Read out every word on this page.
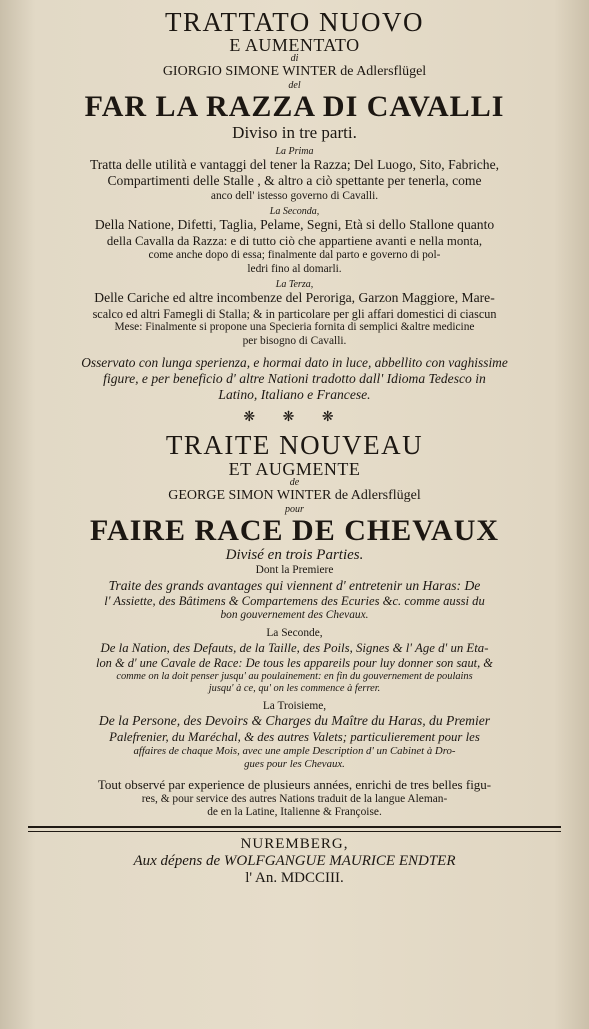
TRATTATO NUOVO
E AUMENTATO
di
GIORGIO SIMONE WINTER de Adlersflügel
del
FAR LA RAZZA DI CAVALLI
Diviso in tre parti.
La Prima
Tratta delle utilità e vantaggi del tener la Razza; Del Luogo, Sito, Fabriche,
Compartimenti delle Stalle , & altro a ciò spettante per tenerla, come
anco dell' istesso governo di Cavalli.
La Seconda,
Della Natione, Difetti, Taglia, Pelame, Segni, Età si dello Stallone quanto
della Cavalla da Razza: e di tutto ciò che appartiene avanti e nella monta,
come anche dopo di essa; finalmente dal parto e governo di pol-
ledri fino al domarli.
La Terza,
Delle Cariche ed altre incombenze del Peroriga, Garzon Maggiore, Mare-
scalco ed altri Famegli di Stalla; & in particolare per gli affari domestici di ciascun
Mese: Finalmente si propone una Specieria fornita di semplici &altre medicine
per bisogno di Cavalli.
Osservato con lunga sperienza, e hormai dato in luce, abbellito con vaghissime
figure, e per beneficio d' altre Nationi tradotto dall' Idioma Tedesco in
Latino, Italiano e Francese.
❋ ❋ ❋
TRAITE NOUVEAU
ET AUGMENTE
de
GEORGE SIMON WINTER de Adlersflügel
pour
FAIRE RACE DE CHEVAUX
Divisé en trois Parties.
Dont la Premiere
Traite des grands avantages qui viennent d' entretenir un Haras: De
l' Assiette, des Bâtimens & Compartemens des Ecuries &c. comme aussi du
bon gouvernement des Chevaux.
La Seconde,
De la Nation, des Defauts, de la Taille, des Poils, Signes & l' Age d' un Eta-
lon & d' une Cavale de Race: De tous les appareils pour luy donner son saut, &
comme on la doit penser jusqu' au poulainement: en fin du gouvernement de poulains
jusqu' à ce, qu' on les commence à ferrer.
La Troisieme,
De la Persone, des Devoirs & Charges du Maître du Haras, du Premier
Palefrenier, du Maréchal, & des autres Valets; particulierement pour les
affaires de chaque Mois, avec une ample Description d' un Cabinet à Dro-
gues pour les Chevaux.
Tout observé par experience de plusieurs années, enrichi de tres belles figu-
res, & pour service des autres Nations traduit de la langue Aleman-
de en la Latine, Italienne & Françoise.
NUREMBERG,
Aux dépens de WOLFGANGUE MAURICE ENDTER
l' An. MDCCIII.
